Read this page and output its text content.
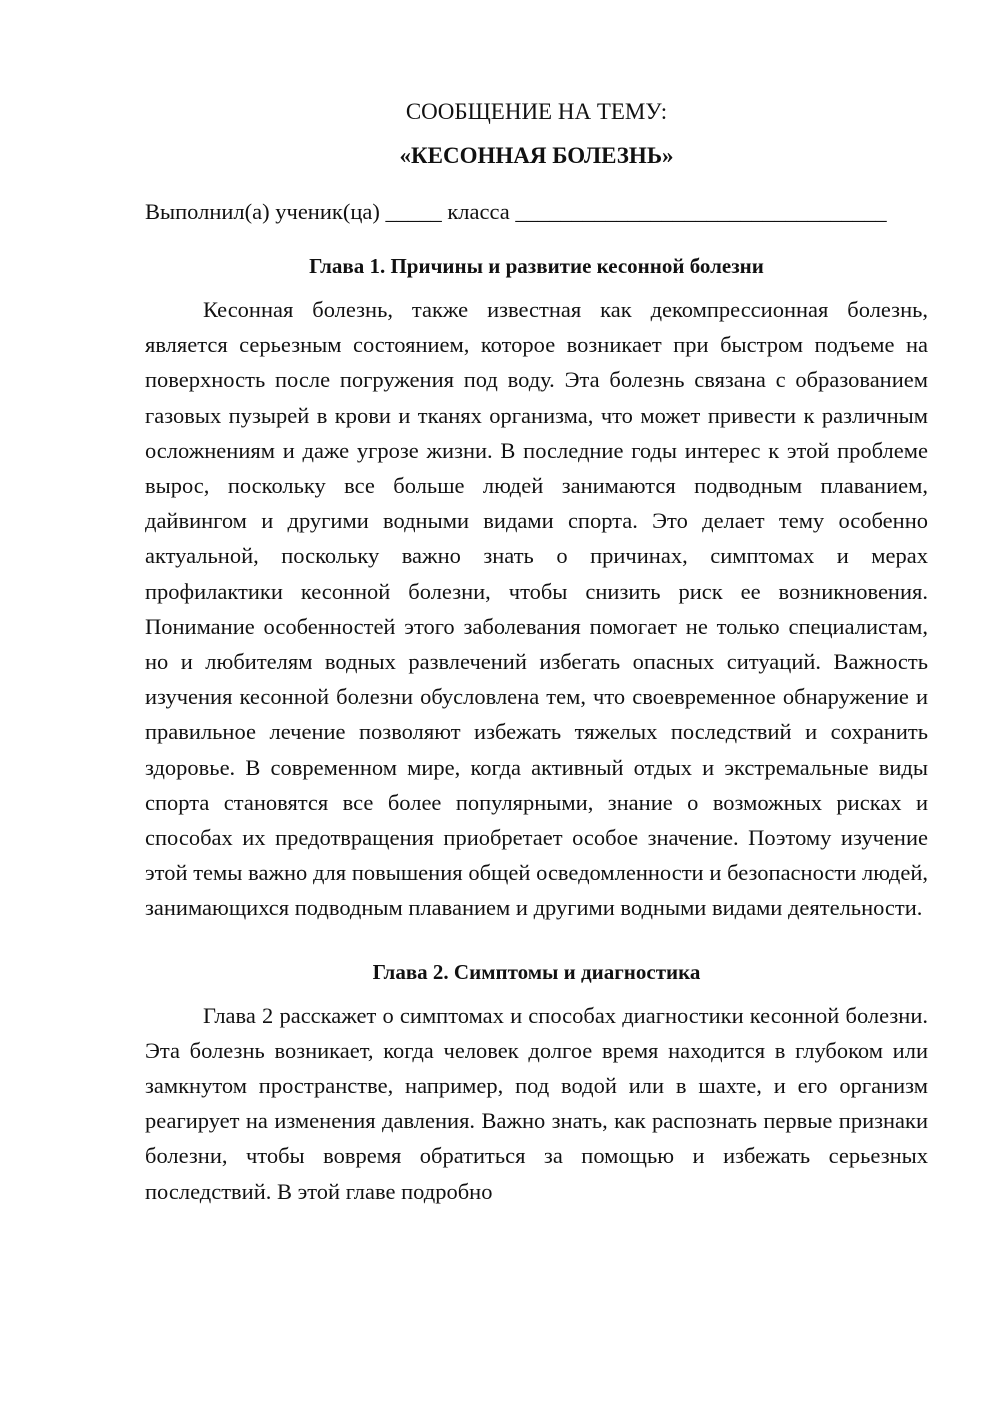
СООБЩЕНИЕ НА ТЕМУ:
«КЕСОННАЯ БОЛЕЗНЬ»

Выполнил(а) ученик(ца) _____ класса _________________________________

Глава 1. Причины и развитие кесонной болезни

Кесонная болезнь, также известная как декомпрессионная болезнь, является серьезным состоянием, которое возникает при быстром подъеме на поверхность после погружения под воду. Эта болезнь связана с образованием газовых пузырей в крови и тканях организма, что может привести к различным осложнениям и даже угрозе жизни. В последние годы интерес к этой проблеме вырос, поскольку все больше людей занимаются подводным плаванием, дайвингом и другими водными видами спорта. Это делает тему особенно актуальной, поскольку важно знать о причинах, симптомах и мерах профилактики кесонной болезни, чтобы снизить риск ее возникновения. Понимание особенностей этого заболевания помогает не только специалистам, но и любителям водных развлечений избегать опасных ситуаций. Важность изучения кесонной болезни обусловлена тем, что своевременное обнаружение и правильное лечение позволяют избежать тяжелых последствий и сохранить здоровье. В современном мире, когда активный отдых и экстремальные виды спорта становятся все более популярными, знание о возможных рисках и способах их предотвращения приобретает особое значение. Поэтому изучение этой темы важно для повышения общей осведомленности и безопасности людей, занимающихся подводным плаванием и другими водными видами деятельности.

Глава 2. Симптомы и диагностика

Глава 2 расскажет о симптомах и способах диагностики кесонной болезни. Эта болезнь возникает, когда человек долгое время находится в глубоком или замкнутом пространстве, например, под водой или в шахте, и его организм реагирует на изменения давления. Важно знать, как распознать первые признаки болезни, чтобы вовремя обратиться за помощью и избежать серьезных последствий. В этой главе подробно
